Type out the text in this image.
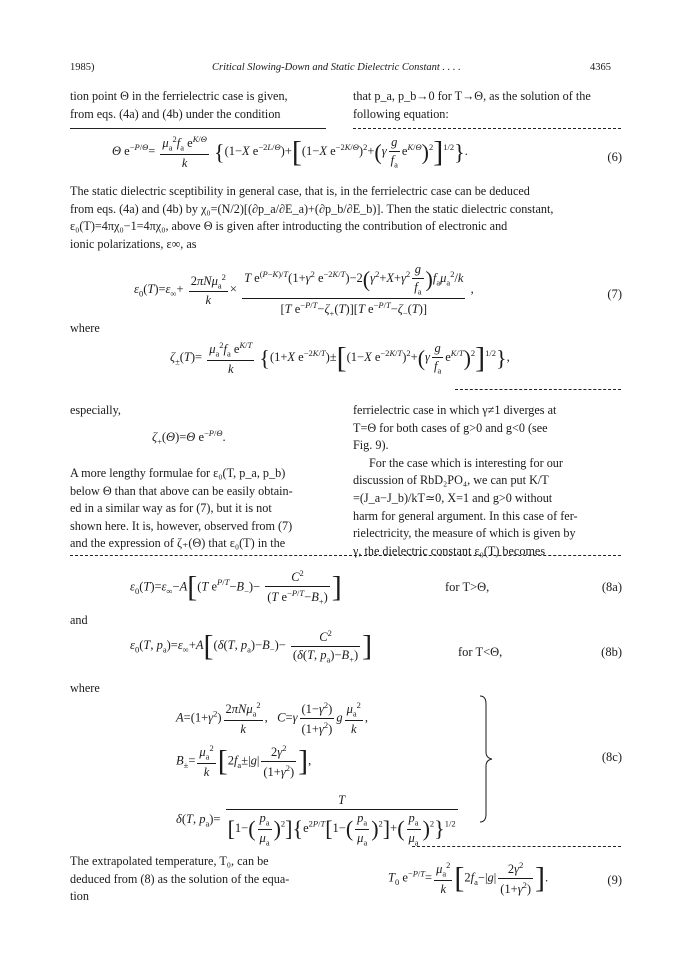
1985)	Critical Slowing-Down and Static Dielectric Constant . . . .	4365
tion point Θ in the ferrielectric case is given,
from eqs. (4a) and (4b) under the condition
that p_a, p_b→0 for T→Θ, as the solution of the
following equation:
Θ $e^{-P/\Theta}= \frac{\mu_a^2f_a e^{K/\Theta}}{k} \{(1-X$ $e^{-2L/\Theta})+[(1-X$ $e^{-2K/\Theta})^2+(\gamma \frac{g}{f_a} e^{K/\Theta})^2]^{1/2}$}.	(6)
The static dielectric sceptibility in general case, that is, in the ferrielectric case can be deduced
from eqs. (4a) and (4b) by χ₀=(N/2)[(∂p_a/∂E_a)+(∂p_b/∂E_b)]. Then the static dielectric constant,
ε₀(T)=4πχ₀−1=4πχ₀, above Θ is given after introducting the contribution of electronic and
ionic polarizations, ε∞, as
$\varepsilon_0(T)=\varepsilon_\infty+ \frac{2\pi N\mu_a^2}{k} \times \frac{T e^{(P-K)/T}(1+\gamma^2 e^{-2K/T})-2(\gamma^2+X+\gamma^2 \frac{g}{f_a} )f_a\mu_a^2/k}{[T e^{-P/T}-\zeta_+(T)][T e^{-P/T}-\zeta_-(T)]}$ ,	(7)
where
$\zeta_\pm(T)= \frac{\mu_a^2f_a e^{K/T}}{k} \{(1+X$ $e^{-2K/T})\pm[(1-X$ $e^{-2K/T})^2+(\gamma \frac{g}{f_a} e^{K/T})^2]^{1/2}$},
especially,
$\zeta_+(\Theta)=\Theta$ $e^{-P/\Theta}$.
A more lengthy formulae for ε₀(T, p_a, p_b)
below Θ than that above can be easily obtain-
ed in a similar way as for (7), but it is not
shown here. It is, however, observed from (7)
and the expression of ζ₊(Θ) that ε₀(T) in the
ferrielectric case in which γ≠1 diverges at
T=Θ for both cases of g>0 and g<0 (see
Fig. 9).
For the case which is interesting for our
discussion of RbD₂PO₄, we can put K/T
=(J_a−J_b)/kT≃0, X=1 and g>0 without
harm for general argument. In this case of fer-
rielectricity, the measure of which is given by
γ, the dielectric constant ε₀(T) becomes
$\varepsilon_0(T)=\varepsilon_\infty-A[(T$ $e^{P/T}-B_-)- \frac{C^2}{(T e^{-P/T}-B_+)}$ ]	for T>Θ,	(8a)
and
$\varepsilon_0(T$, $p_a)=\varepsilon_\infty+A[(\delta(T$, $p_a)-B_-)- \frac{C^2}{(\delta(T, p_a)-B_+)}$ ]	for T<Θ,	(8b)
where
$A=(1+\gamma^2) \frac{2\pi N\mu_a^2}{k}$ ,   $C=\gamma \frac{(1-\gamma^2)}{(1+\gamma^2)}$ g $\frac{\mu_a^2}{k}$ ,
$B_\pm= \frac{\mu_a^2}{k} [2f_a\pm|g| \frac{2\gamma^2}{(1+\gamma^2)}$ ],
δ(T, $p_a)= \frac{T}{[1-( \frac{p_a}{\mu_a} )^2]\{e^{2P/T}[1-( \frac{p_a}{\mu_a} )^2]+( \frac{p_a}{\mu_a} )^2\}^{1/2}}$
(8c)
The extrapolated temperature, T₀, can be
deduced from (8) as the solution of the equa-
tion
$T_0$ $e^{-P/T}= \frac{\mu_a^2}{k} [2f_a-|g| \frac{2\gamma^2}{(1+\gamma^2)}$ ].	(9)
